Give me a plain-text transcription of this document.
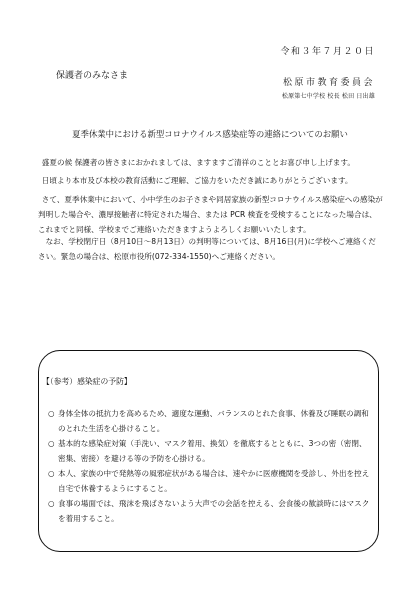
令和３年７月２０日
保護者のみなさま
松原市教育委員会
松原第七中学校 校長 松田 日出雄
夏季休業中における新型コロナウイルス感染症等の連絡についてのお願い

盛夏の候 保護者の皆さまにおかれましては、ますますご清祥のこととお喜び申し上げます。

日頃より本市及び本校の教育活動にご理解、ご協力をいただき誠にありがとうございます。

さて、夏季休業中において、小中学生のお子さまや同居家族の新型コロナウイルス感染症への感染が判明した場合や、濃厚接触者に特定された場合、または PCR 検査を受検することになった場合は、これまでと同様、学校までご連絡いただきますようよろしくお願いいたします。

なお、学校閉庁日（8月10日～8月13日）の判明等については、8月16日(月)に学校へご連絡ください。緊急の場合は、松原市役所(072-334-1550)へご連絡ください。

【（参考）感染症の予防】
○ 身体全体の抵抗力を高めるため、適度な運動、バランスのとれた食事、休養及び睡眠の調和のとれた生活を心掛けること。
○ 基本的な感染症対策（手洗い、マスク着用、換気）を徹底するとともに、3つの密（密閉、密集、密接）を避ける等の予防を心掛ける。
○ 本人、家族の中で発熱等の風邪症状がある場合は、速やかに医療機関を受診し、外出を控え自宅で休養するようにすること。
○ 食事の場面では、飛沫を飛ばさないよう大声での会話を控える、会食後の歓談時にはマスクを着用すること。
